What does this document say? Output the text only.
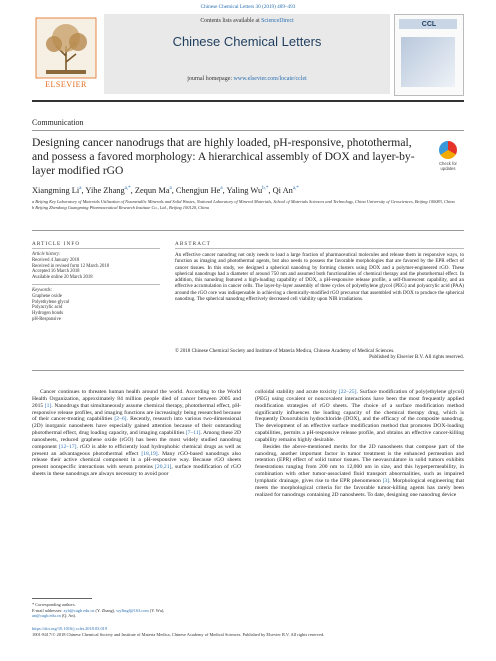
Chinese Chemical Letters 30 (2019) 489–493
ELSEVIER
Contents lists available at ScienceDirect
Chinese Chemical Letters
journal homepage: www.elsevier.com/locate/cclet
CCL
Communication
Designing cancer nanodrugs that are highly loaded, pH-responsive, photothermal, and possess a favored morphology: A hierarchical assembly of DOX and layer-by-layer modified rGO
Check for updates
Xiangming Li$^a$, Yihe Zhang$^{a,*}$, Zequn Ma$^a$, Chengjun He$^a$, Yaling $Wu^{b,*}$, Qi $An^{a,*}$
a Beijing Key Laboratory of Materials Utilization of Nonmetallic Minerals and Solid Wastes, National Laboratory of Mineral Materials, School of Materials Sciences and Technology, China University of Geosciences, Beijing 100083, China
b Beijing Zhendong Guangming Pharmaceutical Research Institute Co., Ltd., Beijing 100120, China
ARTICLE INFO	ABSTRACT
Article history:
Received 4 January 2018
Received in revised form 12 March 2018
Accepted 16 March 2018
Available online 20 March 2018
Keywords:
Graphene oxide
Polyethylene glycol
Polyacrylic acid
Hydrogen bonds
pH-Responsive
An effective cancer nanodrug not only needs to load a large fraction of pharmaceutical molecules and release them in responsive ways, to function as imaging and photothermal agents, but also needs to possess the favorable morphologies that are favored by the EPR effect of cancer tissues. In this study, we designed a spherical nanodrug by forming clusters using DOX and a polymer-engineered rGO. These spherical nanodrugs had a diameter of around 750 nm and assumed both functionalities of chemical therapy and the photothermal effect. In addition, this nanodrug featured a high-loading capability of DOX, a pH-responsive release profile, a self-fluorescent capability, and an effective accumulation in cancer cells. The layer-by-layer assembly of three cycles of polyethylene glycol (PEG) and polyacrylic acid (PAA) around the rGO core was indispensable in achieving a chemically-modified rGO precursor that assembled with DOX to produce the spherical nanodrug. The spherical nanodrug effectively decreased cell viability upon NIR irradiations.
© 2018 Chinese Chemical Society and Institute of Materia Medica, Chinese Academy of Medical Sciences.
Published by Elsevier B.V. All rights reserved.

Cancer continues to threaten human health around the world. According to the World Health Organization, approximately 84 million people died of cancer between 2005 and 2015 [1]. Nanodrugs that simultaneously assume chemical therapy, photothermal effect, pH-responsive release profiles, and imaging functions are increasingly being researched because of their cancer-treating capabilities [2–6]. Recently, research into various two-dimensional (2D) inorganic nanosheets have especially gained attention because of their outstanding photothermal effect, drug loading capacity, and imaging capabilities [7–11]. Among these 2D nanosheets, reduced graphene oxide (rGO) has been the most widely studied nanodrug component [12–17]. rGO is able to efficiently load hydrophobic chemical drugs as well as present an advantageous photothermal effect [18,19]. Many rGO-based nanodrugs also release their active chemical component in a pH-responsive way. Because rGO sheets present nonspecific interactions with serum proteins [20,21], surface modification of rGO sheets in these nanodrugs are always necessary to avoid poor

colloidal stability and acute toxicity [22–25]. Surface modification of poly(ethylene glycol) (PEG) using covalent or noncovalent interactions have been the most frequently applied modification strategies of rGO sheets. The choice of a surface modification method significantly influences the loading capacity of the chemical therapy drug, which is frequently Doxorubicin hydrochloride (DOX), and the efficacy of the composite nanodrug. The development of an effective surface modification method that promotes DOX-loading capabilities, permits a pH-responsive release profile, and obtains an effective cancer-killing capability remains highly desirable.

Besides the above-mentioned merits for the 2D nanosheets that compose part of the nanodrug, another important factor in tumor treatment is the enhanced permeation and retention (EPR) effect of solid tumor tissues. The neovasculature in solid tumors exhibits fenestrations ranging from 200 nm to 12,000 nm in size, and this hyperpermeability, in combination with other tumor-associated fluid transport abnormalities, such as impaired lymphatic drainage, gives rise to the EPR phenomenon [3]. Morphological engineering that meets the morphological criteria for the favorable tumor-killing agents has rarely been realized for nanodrugs containing 2D nanosheets. To date, designing one nanodrug device

* Corresponding authors.
E-mail addresses: zyh@cugb.edu.cn (Y. Zhang), wylbsgl@163.com (Y. Wu),
an@cugb.edu.cn (Q. An).
https://doi.org/10.1016/j.cclet.2018.03.019
1001-8417/© 2018 Chinese Chemical Society and Institute of Materia Medica, Chinese Academy of Medical Sciences. Published by Elsevier B.V. All rights reserved.
